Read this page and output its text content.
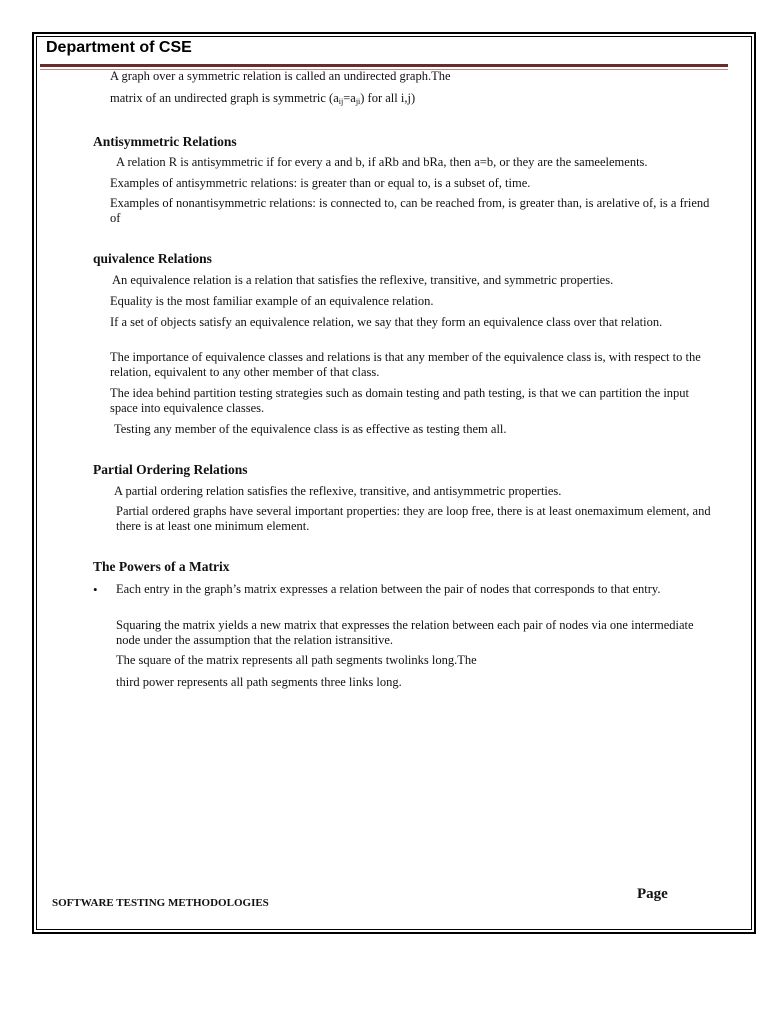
Department of CSE
A graph over a symmetric relation is called an undirected graph.The
matrix of an undirected graph is symmetric $(a_{ij}=a_{ji})$ for all i,j)
Antisymmetric Relations
A relation R is antisymmetric if for every a and b, if aRb and bRa, then a=b, or they are the sameelements.
Examples of antisymmetric relations: is greater than or equal to, is a subset of, time.
Examples of nonantisymmetric relations: is connected to, can be reached from, is greater than, is arelative of, is a friend of
quivalence Relations
An equivalence relation is a relation that satisfies the reflexive, transitive, and symmetric properties.
Equality is the most familiar example of an equivalence relation.
If a set of objects satisfy an equivalence relation, we say that they form an equivalence class over that relation.
The importance of equivalence classes and relations is that any member of the equivalence class is, with respect to the relation, equivalent to any other member of that class.
The idea behind partition testing strategies such as domain testing and path testing, is that we can partition the input space into equivalence classes.
Testing any member of the equivalence class is as effective as testing them all.
Partial Ordering Relations
A partial ordering relation satisfies the reflexive, transitive, and antisymmetric properties.
Partial ordered graphs have several important properties: they are loop free, there is at least onemaximum element, and there is at least one minimum element.
The Powers of a Matrix
• Each entry in the graph’s matrix expresses a relation between the pair of nodes that corresponds to that entry.
Squaring the matrix yields a new matrix that expresses the relation between each pair of nodes via one intermediate node under the assumption that the relation istransitive.
The square of the matrix represents all path segments twolinks long.The
third power represents all path segments three links long.
SOFTWARE TESTING METHODOLOGIES
Page
